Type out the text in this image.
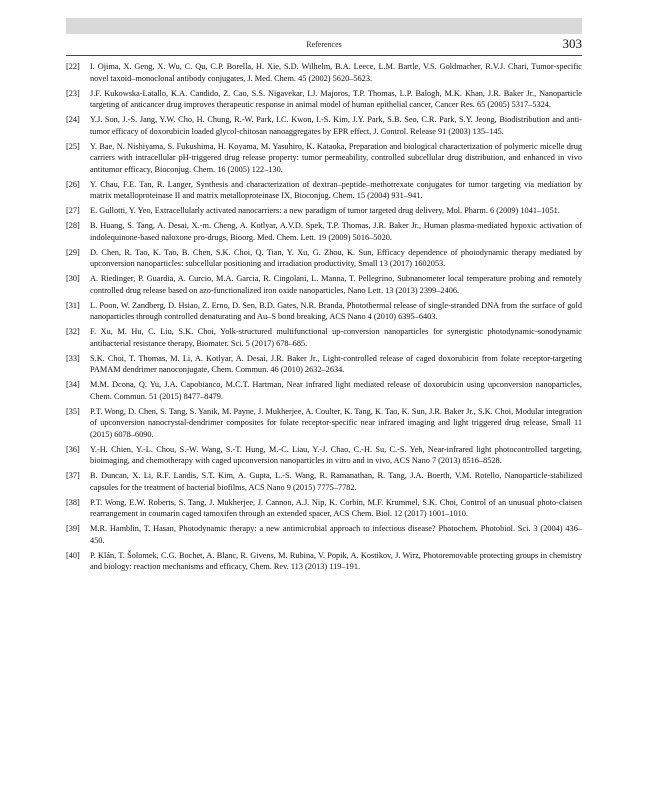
References	303
[22]	I. Ojima, X. Geng, X. Wu, C. Qu, C.P. Borella, H. Xie, S.D. Wilhelm, B.A. Leece, L.M. Bartle, V.S. Goldmacher, R.V.J. Chari, Tumor-specific novel taxoid–monoclonal antibody conjugates, J. Med. Chem. 45 (2002) 5620–5623.
[23]	J.F. Kukowska-Latallo, K.A. Candido, Z. Cao, S.S. Nigavekar, I.J. Majoros, T.P. Thomas, L.P. Balogh, M.K. Khan, J.R. Baker Jr., Nanoparticle targeting of anticancer drug improves therapeutic response in animal model of human epithelial cancer, Cancer Res. 65 (2005) 5317–5324.
[24]	Y.J. Son, J.-S. Jang, Y.W. Cho, H. Chung, R.-W. Park, I.C. Kwon, I.-S. Kim, J.Y. Park, S.B. Seo, C.R. Park, S.Y. Jeong, Biodistribution and anti-tumor efficacy of doxorubicin loaded glycol-chitosan nanoaggregates by EPR effect, J. Control. Release 91 (2003) 135–145.
[25]	Y. Bae, N. Nishiyama, S. Fukushima, H. Koyama, M. Yasuhiro, K. Kataoka, Preparation and biological characterization of polymeric micelle drug carriers with intracellular pH-triggered drug release property: tumor permeability, controlled subcellular drug distribution, and enhanced in vivo antitumor efficacy, Bioconjug. Chem. 16 (2005) 122–130.
[26]	Y. Chau, F.E. Tan, R. Langer, Synthesis and characterization of dextran–peptide–methotrexate conjugates for tumor targeting via mediation by matrix metalloproteinase II and matrix metalloproteinase IX, Bioconjug. Chem. 15 (2004) 931–941.
[27]	E. Gullotti, Y. Yeo, Extracellularly activated nanocarriers: a new paradigm of tumor targeted drug delivery, Mol. Pharm. 6 (2009) 1041–1051.
[28]	B. Huang, S. Tang, A. Desai, X.-m. Cheng, A. Kotlyar, A.V.D. Spek, T.P. Thomas, J.R. Baker Jr., Human plasma-mediated hypoxic activation of indolequinone-based naloxone pro-drugs, Bioorg. Med. Chem. Lett. 19 (2009) 5016–5020.
[29]	D. Chen, R. Tao, K. Tao, B. Chen, S.K. Choi, Q. Tian, Y. Xu, G. Zhou, K. Sun, Efficacy dependence of photodynamic therapy mediated by upconversion nanoparticles: subcellular positioning and irradiation productivity, Small 13 (2017) 1602053.
[30]	A. Riedinger, P. Guardia, A. Curcio, M.A. Garcia, R. Cingolani, L. Manna, T. Pellegrino, Subnanometer local temperature probing and remotely controlled drug release based on azo-functionalized iron oxide nanoparticles, Nano Lett. 13 (2013) 2399–2406.
[31]	L. Poon, W. Zandberg, D. Hsiao, Z. Erno, D. Sen, B.D. Gates, N.R. Branda, Photothermal release of single-stranded DNA from the surface of gold nanoparticles through controlled denaturating and Au–S bond breaking, ACS Nano 4 (2010) 6395–6403.
[32]	F. Xu, M. Hu, C. Liu, S.K. Choi, Yolk-structured multifunctional up-conversion nanoparticles for synergistic photodynamic-sonodynamic antibacterial resistance therapy, Biomater. Sci. 5 (2017) 678–685.
[33]	S.K. Choi, T. Thomas, M. Li, A. Kotlyar, A. Desai, J.R. Baker Jr., Light-controlled release of caged doxorubicin from folate receptor-targeting PAMAM dendrimer nanoconjugate, Chem. Commun. 46 (2010) 2632–2634.
[34]	M.M. Dcona, Q. Yu, J.A. Capobianco, M.C.T. Hartman, Near infrared light mediated release of doxorubicin using upconversion nanoparticles, Chem. Commun. 51 (2015) 8477–8479.
[35]	P.T. Wong, D. Chen, S. Tang, S. Yanik, M. Payne, J. Mukherjee, A. Coulter, K. Tang, K. Tao, K. Sun, J.R. Baker Jr., S.K. Choi, Modular integration of upconversion nanocrystal-dendrimer composites for folate receptor-specific near infrared imaging and light triggered drug release, Small 11 (2015) 6078–6090.
[36]	Y.-H. Chien, Y.-L. Chou, S.-W. Wang, S.-T. Hung, M.-C. Liau, Y.-J. Chao, C.-H. Su, C.-S. Yeh, Near-infrared light photocontrolled targeting, bioimaging, and chemotherapy with caged upconversion nanoparticles in vitro and in vivo, ACS Nano 7 (2013) 8516–8528.
[37]	B. Duncan, X. Li, R.F. Landis, S.T. Kim, A. Gupta, L.-S. Wang, R. Ramanathan, R. Tang, J.A. Boerth, V.M. Rotello, Nanoparticle-stabilized capsules for the treatment of bacterial biofilms, ACS Nano 9 (2015) 7775–7782.
[38]	P.T. Wong, E.W. Roberts, S. Tang, J. Mukherjee, J. Cannon, A.J. Nip, K. Corbin, M.F. Krummel, S.K. Choi, Control of an unusual photo-claisen rearrangement in coumarin caged tamoxifen through an extended spacer, ACS Chem. Biol. 12 (2017) 1001–1010.
[39]	M.R. Hamblin, T. Hasan, Photodynamic therapy: a new antimicrobial approach to infectious disease? Photochem. Photobiol. Sci. 3 (2004) 436–450.
[40]	P. Klán, T. Šolomek, C.G. Bochet, A. Blanc, R. Givens, M. Rubina, V. Popik, A. Kostikov, J. Wirz, Photoremovable protecting groups in chemistry and biology: reaction mechanisms and efficacy, Chem. Rev. 113 (2013) 119–191.
